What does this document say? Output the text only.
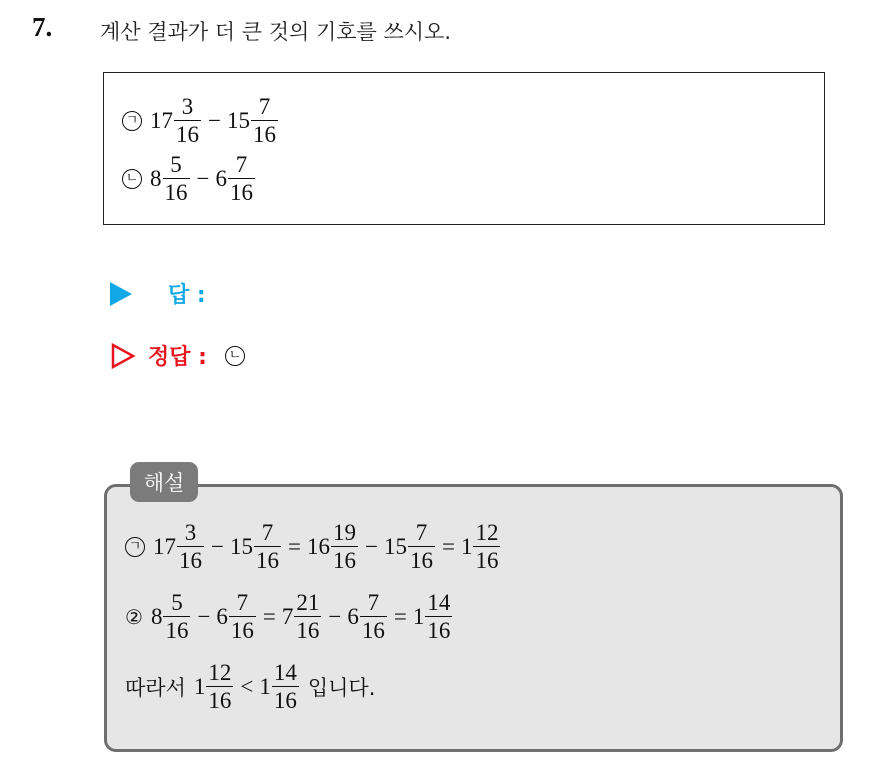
7. 계산 결과가 더 큰 것의 기호를 쓰시오.
ㄱ $17 \frac{3}{16} - 15 \frac{7}{16}$
ㄴ $8 \frac{5}{16} - 6 \frac{7}{16}$
답 :
정답 : ㄴ
해설
ㄱ $17 \frac{3}{16} - 15 \frac{7}{16} = 16 \frac{19}{16} - 15 \frac{7}{16} = 1 \frac{12}{16}$
② $8 \frac{5}{16} - 6 \frac{7}{16} = 7 \frac{21}{16} - 6 \frac{7}{16} = 1 \frac{14}{16}$
따라서 $1 \frac{12}{16} < 1 \frac{14}{16}$ 입니다.
